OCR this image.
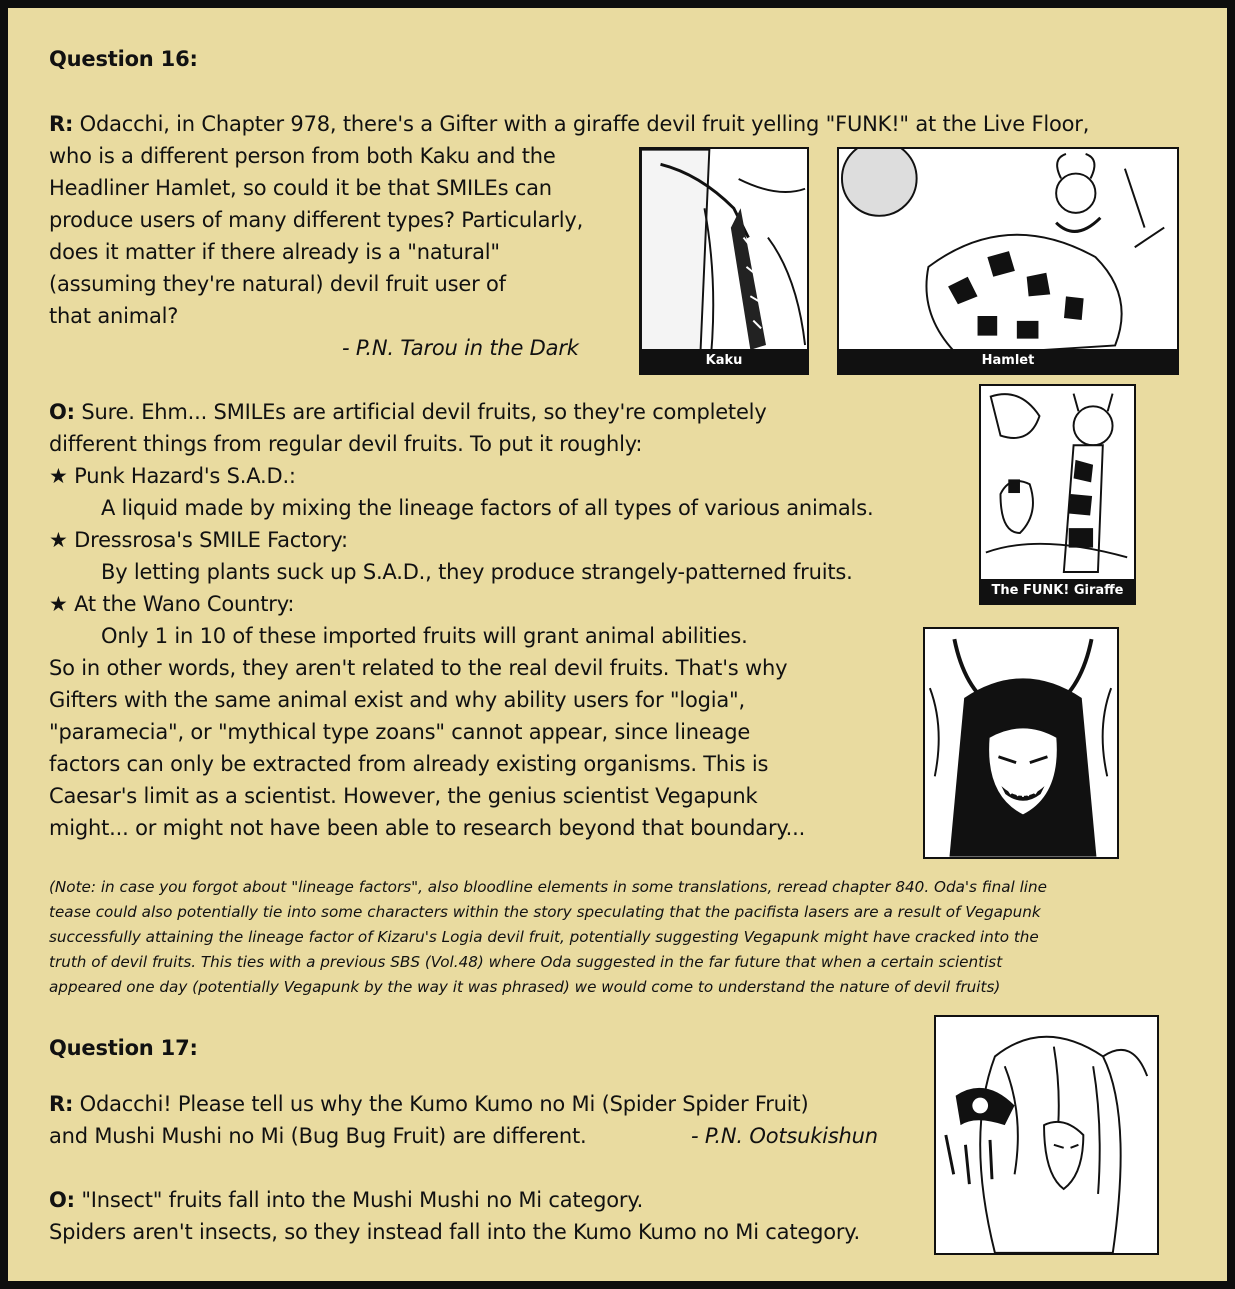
Question 16:
R: Odacchi, in Chapter 978, there's a Gifter with a giraffe devil fruit yelling "FUNK!" at the Live Floor,
who is a different person from both Kaku and the
Headliner Hamlet, so could it be that SMILEs can
produce users of many different types? Particularly,
does it matter if there already is a "natural"
(assuming they're natural) devil fruit user of
that animal?
- P.N. Tarou in the Dark
Kaku	Hamlet
O: Sure. Ehm... SMILEs are artificial devil fruits, so they're completely
different things from regular devil fruits. To put it roughly:
★ Punk Hazard's S.A.D.:
A liquid made by mixing the lineage factors of all types of various animals.
★ Dressrosa's SMILE Factory:
By letting plants suck up S.A.D., they produce strangely-patterned fruits.
★ At the Wano Country:
Only 1 in 10 of these imported fruits will grant animal abilities.
So in other words, they aren't related to the real devil fruits. That's why
Gifters with the same animal exist and why ability users for "logia",
"paramecia", or "mythical type zoans" cannot appear, since lineage
factors can only be extracted from already existing organisms. This is
Caesar's limit as a scientist. However, the genius scientist Vegapunk
might... or might not have been able to research beyond that boundary...
The FUNK! Giraffe
(Note: in case you forgot about "lineage factors", also bloodline elements in some translations, reread chapter 840. Oda's final line
tease could also potentially tie into some characters within the story speculating that the pacifista lasers are a result of Vegapunk
successfully attaining the lineage factor of Kizaru's Logia devil fruit, potentially suggesting Vegapunk might have cracked into the
truth of devil fruits. This ties with a previous SBS (Vol.48) where Oda suggested in the far future that when a certain scientist
appeared one day (potentially Vegapunk by the way it was phrased) we would come to understand the nature of devil fruits)
Question 17:
R: Odacchi! Please tell us why the Kumo Kumo no Mi (Spider Spider Fruit)
and Mushi Mushi no Mi (Bug Bug Fruit) are different.	- P.N. Ootsukishun
O: "Insect" fruits fall into the Mushi Mushi no Mi category.
Spiders aren't insects, so they instead fall into the Kumo Kumo no Mi category.
